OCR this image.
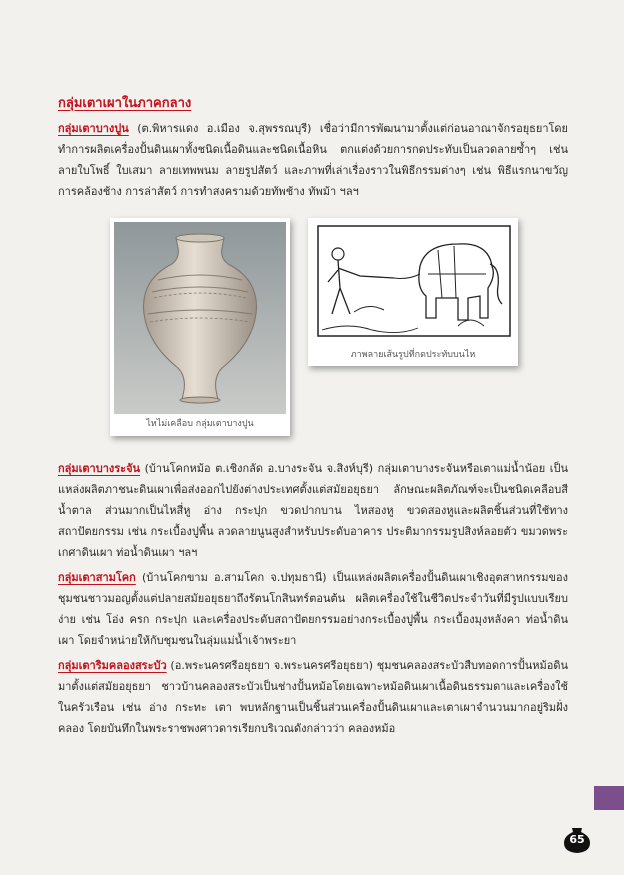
กลุ่มเตาเผาในภาคกลาง

กลุ่มเตาบางปูน (ต.พิหารแดง อ.เมือง จ.สุพรรณบุรี) เชื่อว่ามีการพัฒนามาตั้งแต่ก่อนอาณาจักรอยุธยาโดยทำการผลิตเครื่องปั้นดินเผาทั้งชนิดเนื้อดินและชนิดเนื้อหิน ตกแต่งด้วยการกดประทับเป็นลวดลายซ้ำๆ เช่น ลายใบโพธิ์ ใบเสมา ลายเทพพนม ลายรูปสัตว์ และภาพที่เล่าเรื่องราวในพิธีกรรมต่างๆ เช่น พิธีแรกนาขวัญ การคล้องช้าง การล่าสัตว์ การทำสงครามด้วยทัพช้าง ทัพม้า ฯลฯ

ไหไม่เคลือบ กลุ่มเตาบางปูน
ภาพลายเส้นรูปที่กดประทับบนไห

กลุ่มเตาบางระจัน (บ้านโคกหม้อ ต.เชิงกลัด อ.บางระจัน จ.สิงห์บุรี) กลุ่มเตาบางระจันหรือเตาแม่น้ำน้อย เป็นแหล่งผลิตภาชนะดินเผาเพื่อส่งออกไปยังต่างประเทศตั้งแต่สมัยอยุธยา ลักษณะผลิตภัณฑ์จะเป็นชนิดเคลือบสีน้ำตาล ส่วนมากเป็นไหสี่หู อ่าง กระปุก ขวดปากบาน ไหสองหู ขวดสองหูและผลิตชิ้นส่วนที่ใช้ทางสถาปัตยกรรม เช่น กระเบื้องปูพื้น ลวดลายนูนสูงสำหรับประดับอาคาร ประติมากรรมรูปสิงห์ลอยตัว ขมวดพระเกศาดินเผา ท่อน้ำดินเผา ฯลฯ

กลุ่มเตาสามโคก (บ้านโคกขาม อ.สามโคก จ.ปทุมธานี) เป็นแหล่งผลิตเครื่องปั้นดินเผาเชิงอุตสาหกรรมของชุมชนชาวมอญตั้งแต่ปลายสมัยอยุธยาถึงรัตนโกสินทร์ตอนต้น ผลิตเครื่องใช้ในชีวิตประจำวันที่มีรูปแบบเรียบง่าย เช่น โอ่ง ครก กระปุก และเครื่องประดับสถาปัตยกรรมอย่างกระเบื้องปูพื้น กระเบื้องมุงหลังคา ท่อน้ำดินเผา โดยจำหน่ายให้กับชุมชนในลุ่มแม่น้ำเจ้าพระยา

กลุ่มเตาริมคลองสระบัว (อ.พระนครศรีอยุธยา จ.พระนครศรีอยุธยา) ชุมชนคลองสระบัวสืบทอดการปั้นหม้อดินมาตั้งแต่สมัยอยุธยา ชาวบ้านคลองสระบัวเป็นช่างปั้นหม้อโดยเฉพาะหม้อดินเผาเนื้อดินธรรมดาและเครื่องใช้ในครัวเรือน เช่น อ่าง กระทะ เตา พบหลักฐานเป็นชิ้นส่วนเครื่องปั้นดินเผาและเตาเผาจำนวนมากอยู่ริมฝั่งคลอง โดยบันทึกในพระราชพงศาวดารเรียกบริเวณดังกล่าวว่า คลองหม้อ

65
